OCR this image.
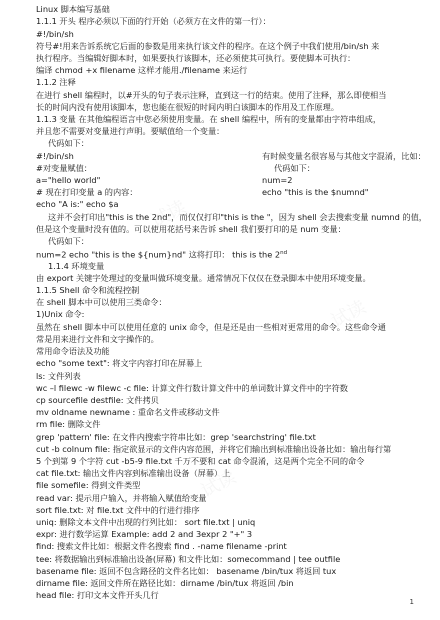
Linux 脚本编写基础
1.1.1 开头 程序必须以下面的行开始（必须方在文件的第一行）：
#!/bin/sh
符号#!用来告诉系统它后面的参数是用来执行该文件的程序。在这个例子中我们使用/bin/sh 来
执行程序。当编辑好脚本时，如果要执行该脚本，还必须使其可执行。要使脚本可执行：
编译 chmod +x filename 这样才能用./filename 来运行
1.1.2 注释
在进行 shell 编程时，以#开头的句子表示注释，直到这一行的结束。使用了注释，那么即使相当
长的时间内没有使用该脚本，您也能在很短的时间内明白该脚本的作用及工作原理。
1.1.3 变量 在其他编程语言中您必须使用变量。在 shell 编程中，所有的变量都由字符串组成，
并且您不需要对变量进行声明。要赋值给一个变量：
代码如下：
#!/bin/sh	有时候变量名很容易与其他文字混淆，比如：
#对变量赋值：	代码如下：
a="hello world"	num=2
# 现在打印变量 a 的内容：	echo "this is the $numnd"
echo "A is:" echo $a
这并不会打印出"this is the 2nd"，而仅仅打印"this is the "，因为 shell 会去搜索变量 numnd 的值，
但是这个变量时没有值的。可以使用花括号来告诉 shell 我们要打印的是 num 变量：
代码如下：
num=2 echo "this is the ${num}nd" 这将打印： this is the 2nd
1.1.4 环境变量
由 export 关键字处理过的变量叫做环境变量。通常情况下仅仅在登录脚本中使用环境变量。
1.1.5 Shell 命令和流程控制
在 shell 脚本中可以使用三类命令：
1)Unix 命令:
虽然在 shell 脚本中可以使用任意的 unix 命令，但是还是由一些相对更常用的命令。这些命令通
常是用来进行文件和文字操作的。
常用命令语法及功能
echo "some text": 将文字内容打印在屏幕上
ls: 文件列表
wc –l filewc -w filewc -c file: 计算文件行数计算文件中的单词数计算文件中的字符数
cp sourcefile destfile: 文件拷贝
mv oldname newname : 重命名文件或移动文件
rm file: 删除文件
grep 'pattern' file: 在文件内搜索字符串比如：grep 'searchstring' file.txt
cut -b colnum file: 指定欲显示的文件内容范围，并将它们输出到标准输出设备比如：输出每行第
5 个到第 9 个字符 cut -b5-9 file.txt 千万不要和 cat 命令混淆，这是两个完全不同的命令
cat file.txt: 输出文件内容到标准输出设备（屏幕）上
file somefile: 得到文件类型
read var: 提示用户输入，并将输入赋值给变量
sort file.txt: 对 file.txt 文件中的行进行排序
uniq: 删除文本文件中出现的行列比如： sort file.txt | uniq
expr: 进行数学运算 Example: add 2 and 3expr 2 "+" 3
find: 搜索文件比如：根据文件名搜索 find . -name filename -print
tee: 将数据输出到标准输出设备(屏幕) 和文件比如：somecommand | tee outfile
basename file: 返回不包含路径的文件名比如： basename /bin/tux 将返回 tux
dirname file: 返回文件所在路径比如：dirname /bin/tux 将返回 /bin
head file: 打印文本文件开头几行
1
试读
试读
试读
